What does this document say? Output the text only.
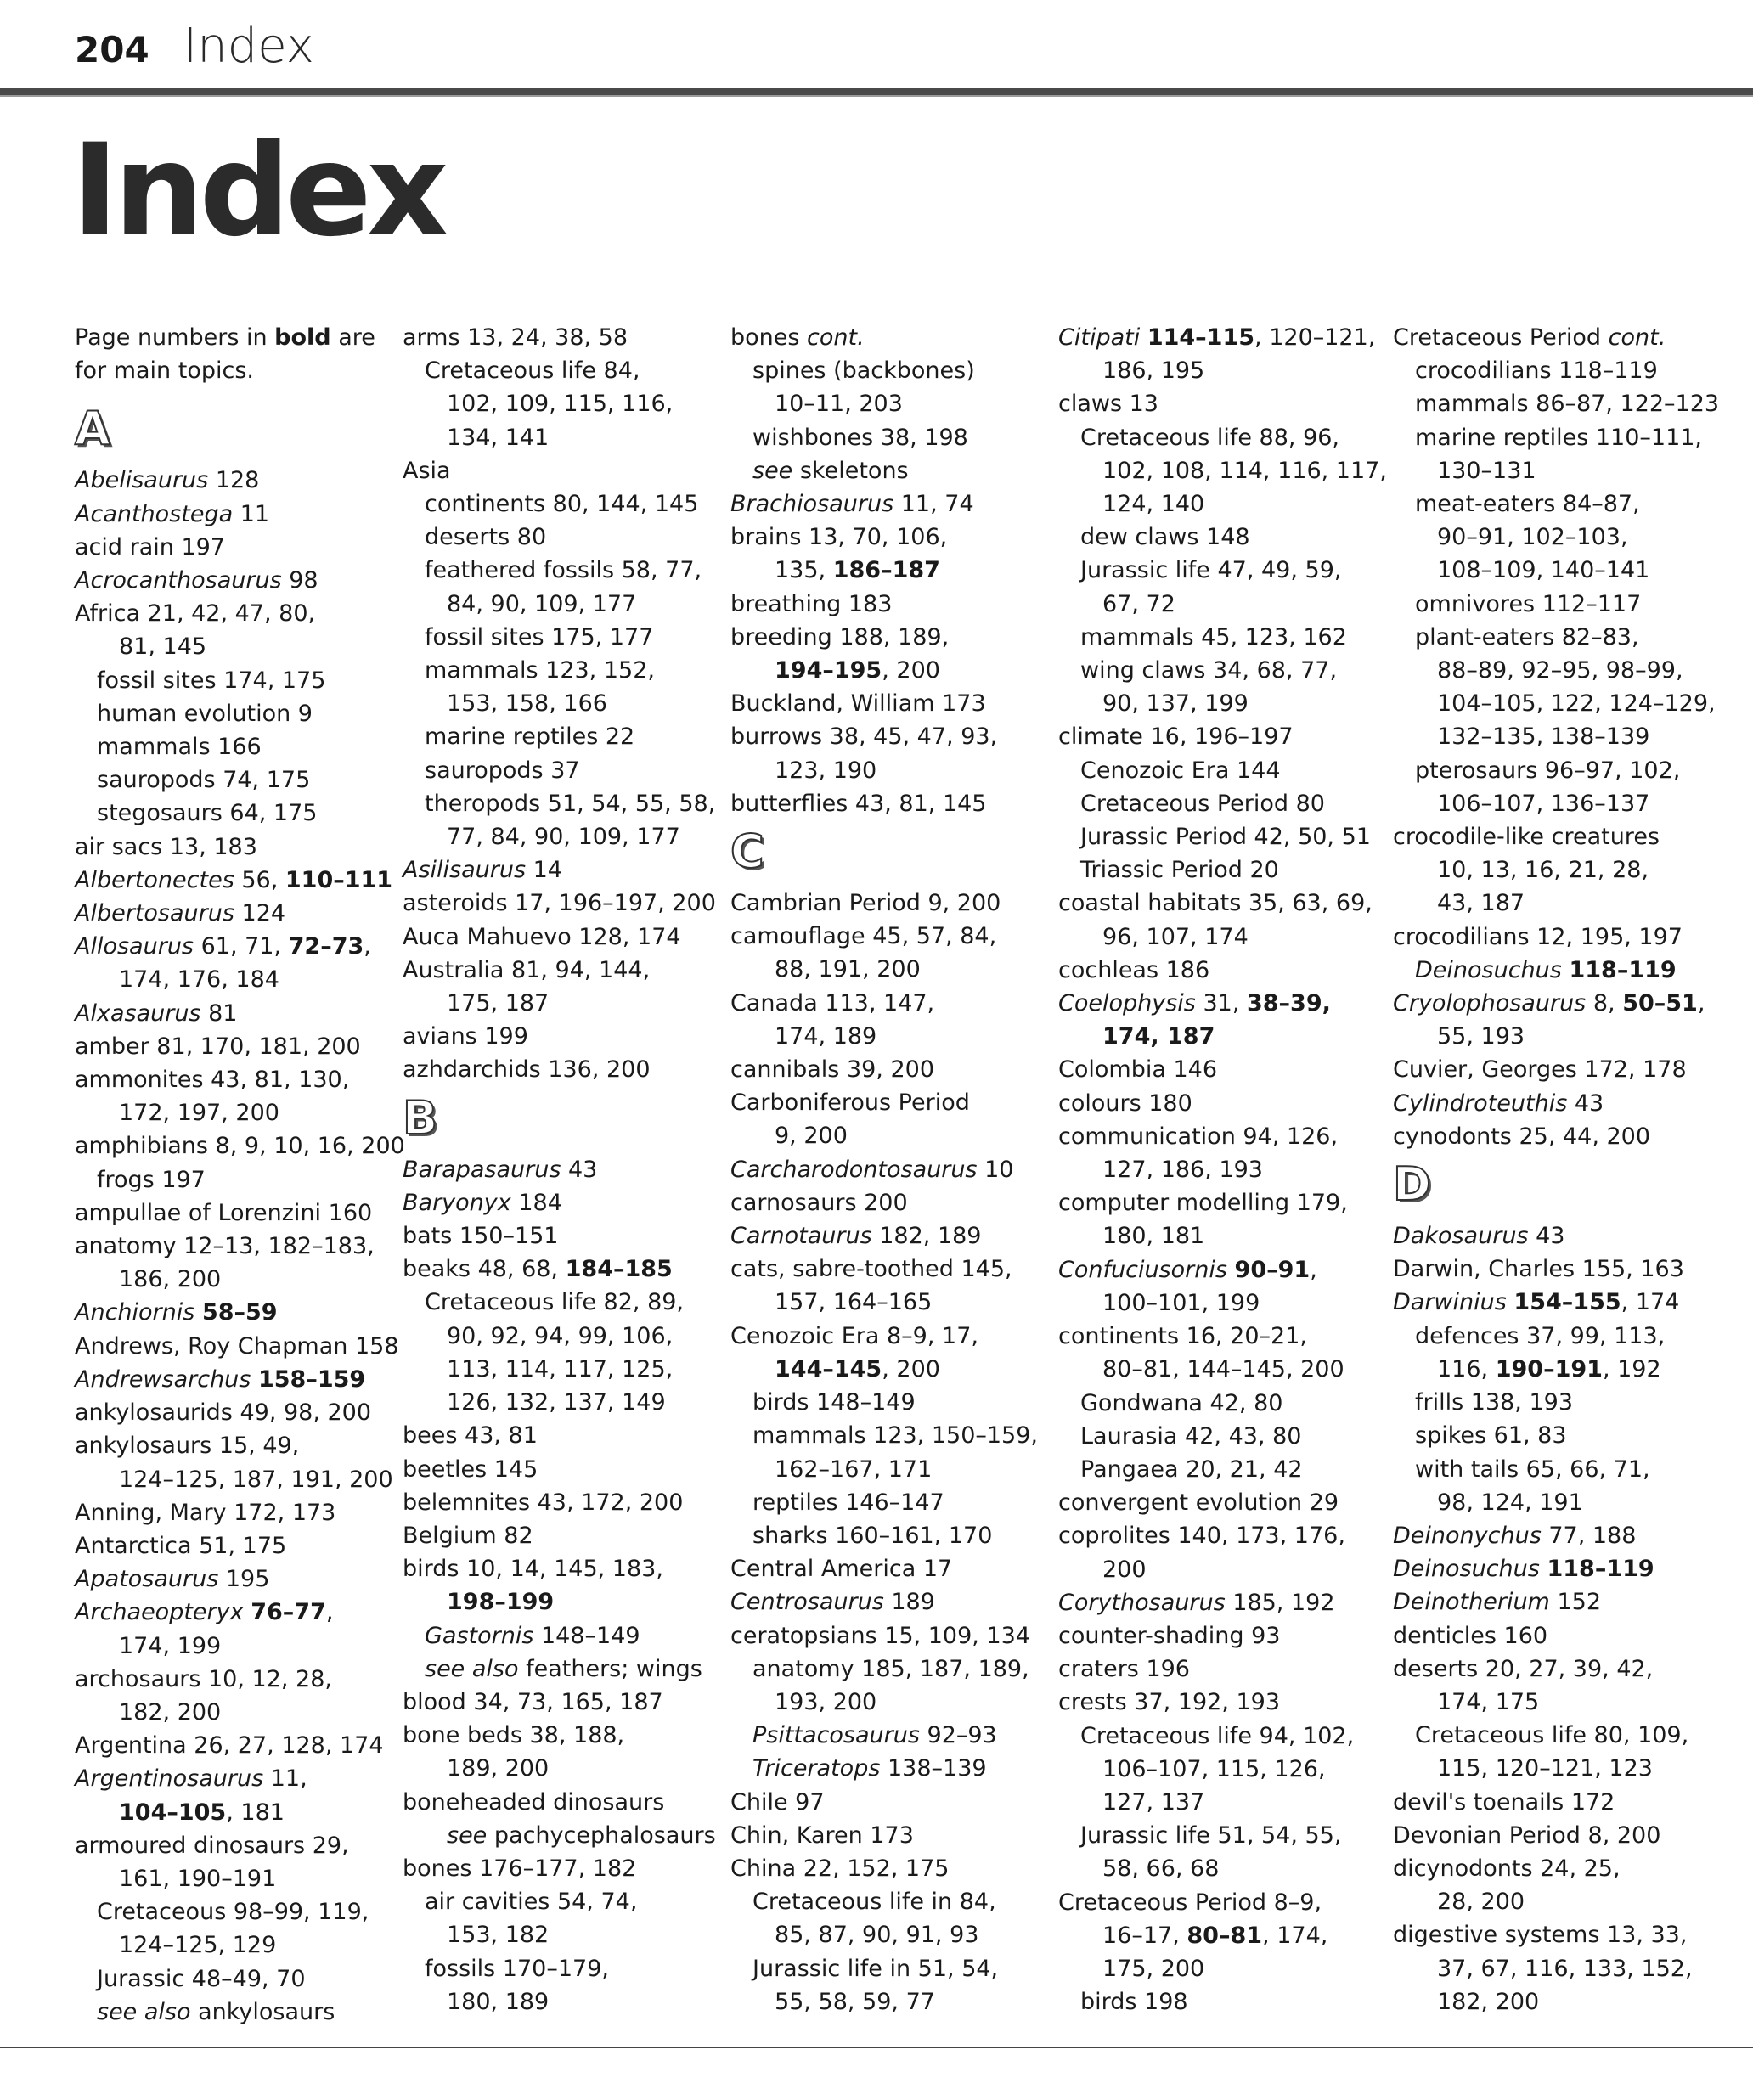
204 Index
Index
Page numbers in bold are
for main topics.
A
Abelisaurus 128
Acanthostega 11
acid rain 197
Acrocanthosaurus 98
Africa 21, 42, 47, 80,
81, 145
fossil sites 174, 175
human evolution 9
mammals 166
sauropods 74, 175
stegosaurs 64, 175
air sacs 13, 183
Albertonectes 56, 110–111
Albertosaurus 124
Allosaurus 61, 71, 72–73,
174, 176, 184
Alxasaurus 81
amber 81, 170, 181, 200
ammonites 43, 81, 130,
172, 197, 200
amphibians 8, 9, 10, 16, 200
frogs 197
ampullae of Lorenzini 160
anatomy 12–13, 182–183,
186, 200
Anchiornis 58–59
Andrews, Roy Chapman 158
Andrewsarchus 158–159
ankylosaurids 49, 98, 200
ankylosaurs 15, 49,
124–125, 187, 191, 200
Anning, Mary 172, 173
Antarctica 51, 175
Apatosaurus 195
Archaeopteryx 76–77,
174, 199
archosaurs 10, 12, 28,
182, 200
Argentina 26, 27, 128, 174
Argentinosaurus 11,
104–105, 181
armoured dinosaurs 29,
161, 190–191
Cretaceous 98–99, 119,
124–125, 129
Jurassic 48–49, 70
see also ankylosaurs
arms 13, 24, 38, 58
Cretaceous life 84,
102, 109, 115, 116,
134, 141
Asia
continents 80, 144, 145
deserts 80
feathered fossils 58, 77,
84, 90, 109, 177
fossil sites 175, 177
mammals 123, 152,
153, 158, 166
marine reptiles 22
sauropods 37
theropods 51, 54, 55, 58,
77, 84, 90, 109, 177
Asilisaurus 14
asteroids 17, 196–197, 200
Auca Mahuevo 128, 174
Australia 81, 94, 144,
175, 187
avians 199
azhdarchids 136, 200
B
Barapasaurus 43
Baryonyx 184
bats 150–151
beaks 48, 68, 184–185
Cretaceous life 82, 89,
90, 92, 94, 99, 106,
113, 114, 117, 125,
126, 132, 137, 149
bees 43, 81
beetles 145
belemnites 43, 172, 200
Belgium 82
birds 10, 14, 145, 183,
198–199
Gastornis 148–149
see also feathers; wings
blood 34, 73, 165, 187
bone beds 38, 188,
189, 200
boneheaded dinosaurs
see pachycephalosaurs
bones 176–177, 182
air cavities 54, 74,
153, 182
fossils 170–179,
180, 189
bones cont.
spines (backbones)
10–11, 203
wishbones 38, 198
see skeletons
Brachiosaurus 11, 74
brains 13, 70, 106,
135, 186–187
breathing 183
breeding 188, 189,
194–195, 200
Buckland, William 173
burrows 38, 45, 47, 93,
123, 190
butterflies 43, 81, 145
C
Cambrian Period 9, 200
camouflage 45, 57, 84,
88, 191, 200
Canada 113, 147,
174, 189
cannibals 39, 200
Carboniferous Period
9, 200
Carcharodontosaurus 10
carnosaurs 200
Carnotaurus 182, 189
cats, sabre-toothed 145,
157, 164–165
Cenozoic Era 8–9, 17,
144–145, 200
birds 148–149
mammals 123, 150–159,
162–167, 171
reptiles 146–147
sharks 160–161, 170
Central America 17
Centrosaurus 189
ceratopsians 15, 109, 134
anatomy 185, 187, 189,
193, 200
Psittacosaurus 92–93
Triceratops 138–139
Chile 97
Chin, Karen 173
China 22, 152, 175
Cretaceous life in 84,
85, 87, 90, 91, 93
Jurassic life in 51, 54,
55, 58, 59, 77
Citipati 114–115, 120–121,
186, 195
claws 13
Cretaceous life 88, 96,
102, 108, 114, 116, 117,
124, 140
dew claws 148
Jurassic life 47, 49, 59,
67, 72
mammals 45, 123, 162
wing claws 34, 68, 77,
90, 137, 199
climate 16, 196–197
Cenozoic Era 144
Cretaceous Period 80
Jurassic Period 42, 50, 51
Triassic Period 20
coastal habitats 35, 63, 69,
96, 107, 174
cochleas 186
Coelophysis 31, 38–39,
174, 187
Colombia 146
colours 180
communication 94, 126,
127, 186, 193
computer modelling 179,
180, 181
Confuciusornis 90–91,
100–101, 199
continents 16, 20–21,
80–81, 144–145, 200
Gondwana 42, 80
Laurasia 42, 43, 80
Pangaea 20, 21, 42
convergent evolution 29
coprolites 140, 173, 176,
200
Corythosaurus 185, 192
counter-shading 93
craters 196
crests 37, 192, 193
Cretaceous life 94, 102,
106–107, 115, 126,
127, 137
Jurassic life 51, 54, 55,
58, 66, 68
Cretaceous Period 8–9,
16–17, 80–81, 174,
175, 200
birds 198
Cretaceous Period cont.
crocodilians 118–119
mammals 86–87, 122–123
marine reptiles 110–111,
130–131
meat-eaters 84–87,
90–91, 102–103,
108–109, 140–141
omnivores 112–117
plant-eaters 82–83,
88–89, 92–95, 98–99,
104–105, 122, 124–129,
132–135, 138–139
pterosaurs 96–97, 102,
106–107, 136–137
crocodile-like creatures
10, 13, 16, 21, 28,
43, 187
crocodilians 12, 195, 197
Deinosuchus 118–119
Cryolophosaurus 8, 50–51,
55, 193
Cuvier, Georges 172, 178
Cylindroteuthis 43
cynodonts 25, 44, 200
D
Dakosaurus 43
Darwin, Charles 155, 163
Darwinius 154–155, 174
defences 37, 99, 113,
116, 190–191, 192
frills 138, 193
spikes 61, 83
with tails 65, 66, 71,
98, 124, 191
Deinonychus 77, 188
Deinosuchus 118–119
Deinotherium 152
denticles 160
deserts 20, 27, 39, 42,
174, 175
Cretaceous life 80, 109,
115, 120–121, 123
devil's toenails 172
Devonian Period 8, 200
dicynodonts 24, 25,
28, 200
digestive systems 13, 33,
37, 67, 116, 133, 152,
182, 200
